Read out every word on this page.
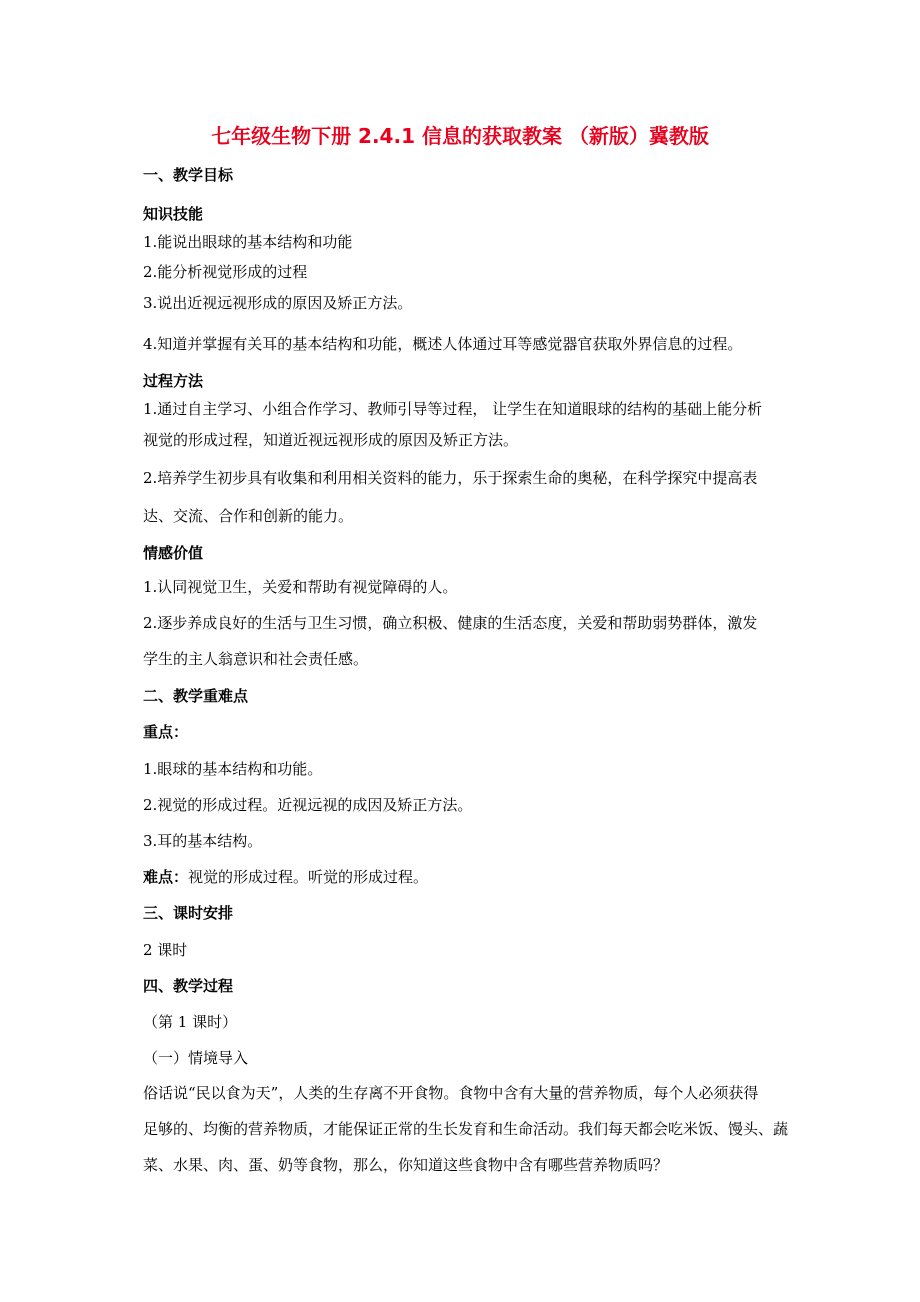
七年级生物下册 2.4.1 信息的获取教案 （新版）冀教版
一、教学目标
知识技能
1.能说出眼球的基本结构和功能
2.能分析视觉形成的过程
3.说出近视远视形成的原因及矫正方法。
4.知道并掌握有关耳的基本结构和功能，概述人体通过耳等感觉器官获取外界信息的过程。
过程方法
1.通过自主学习、小组合作学习、教师引导等过程， 让学生在知道眼球的结构的基础上能分析
视觉的形成过程，知道近视远视形成的原因及矫正方法。
2.培养学生初步具有收集和利用相关资料的能力，乐于探索生命的奥秘，在科学探究中提高表
达、交流、合作和创新的能力。
情感价值
1.认同视觉卫生，关爱和帮助有视觉障碍的人。
2.逐步养成良好的生活与卫生习惯，确立积极、健康的生活态度，关爱和帮助弱势群体，激发
学生的主人翁意识和社会责任感。
二、教学重难点
重点：
1.眼球的基本结构和功能。
2.视觉的形成过程。近视远视的成因及矫正方法。
3.耳的基本结构。
难点：视觉的形成过程。听觉的形成过程。
三、课时安排
2 课时
四、教学过程
（第 1 课时）
（一）情境导入
俗话说“民以食为天”，人类的生存离不开食物。食物中含有大量的营养物质，每个人必须获得
足够的、均衡的营养物质，才能保证正常的生长发育和生命活动。我们每天都会吃米饭、馒头、蔬
菜、水果、肉、蛋、奶等食物，那么，你知道这些食物中含有哪些营养物质吗？
